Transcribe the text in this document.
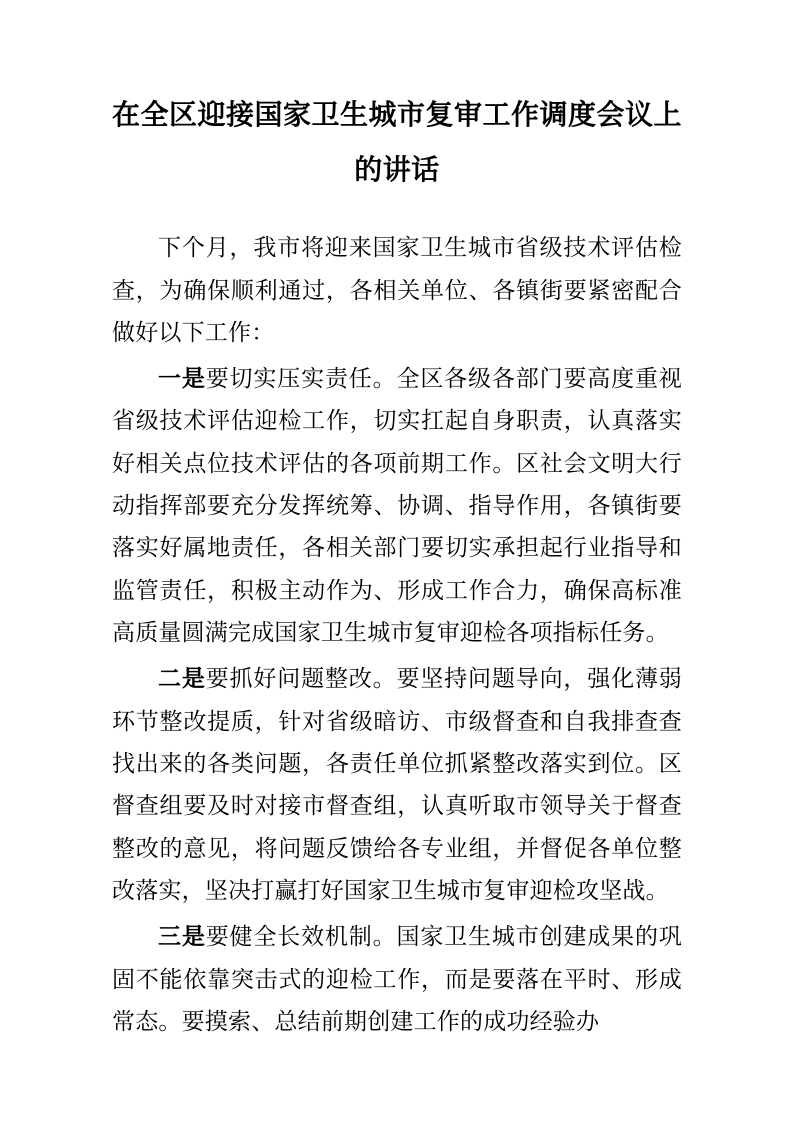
在全区迎接国家卫生城市复审工作调度会议上的讲话

下个月，我市将迎来国家卫生城市省级技术评估检查，为确保顺利通过，各相关单位、各镇街要紧密配合做好以下工作：

一是要切实压实责任。全区各级各部门要高度重视省级技术评估迎检工作，切实扛起自身职责，认真落实好相关点位技术评估的各项前期工作。区社会文明大行动指挥部要充分发挥统筹、协调、指导作用，各镇街要落实好属地责任，各相关部门要切实承担起行业指导和监管责任，积极主动作为、形成工作合力，确保高标准高质量圆满完成国家卫生城市复审迎检各项指标任务。

二是要抓好问题整改。要坚持问题导向，强化薄弱环节整改提质，针对省级暗访、市级督查和自我排查查找出来的各类问题，各责任单位抓紧整改落实到位。区督查组要及时对接市督查组，认真听取市领导关于督查整改的意见，将问题反馈给各专业组，并督促各单位整改落实，坚决打赢打好国家卫生城市复审迎检攻坚战。

三是要健全长效机制。国家卫生城市创建成果的巩固不能依靠突击式的迎检工作，而是要落在平时、形成常态。要摸索、总结前期创建工作的成功经验办
